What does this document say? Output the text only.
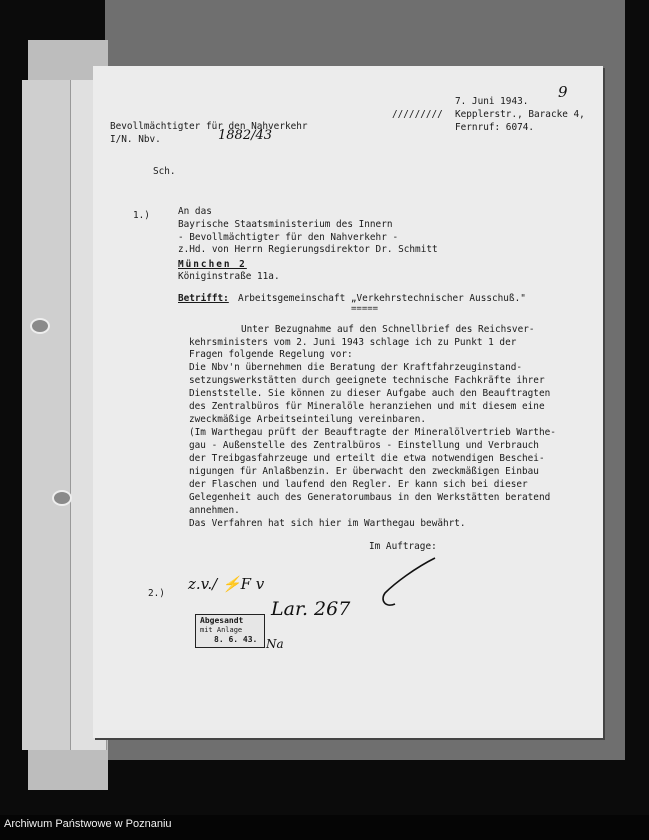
9
7. Juni 1943.
///////// Kepplerstr., Baracke 4,
Fernruf: 6074.
Bevollmächtigter für den Nahverkehr
I/N. Nbv.	1882/43
Sch.
1.)	An das
Bayrische Staatsministerium des Innern
- Bevollmächtigter für den Nahverkehr -
z.Hd. von Herrn Regierungsdirektor Dr. Schmitt
München 2
Königinstraße 11a.
Betrifft: Arbeitsgemeinschaft „Verkehrstechnischer Ausschuß."
=====
Unter Bezugnahme auf den Schnellbrief des Reichsver-
kehrsministers vom 2. Juni 1943 schlage ich zu Punkt 1 der
Fragen folgende Regelung vor:
Die Nbv'n übernehmen die Beratung der Kraftfahrzeuginstand-
setzungswerkstätten durch geeignete technische Fachkräfte ihrer
Dienststelle. Sie können zu dieser Aufgabe auch den Beauftragten
des Zentralbüros für Mineralöle heranziehen und mit diesem eine
zweckmäßige Arbeitseinteilung vereinbaren.
(Im Warthegau prüft der Beauftragte der Mineralölvertrieb Warthe-
gau - Außenstelle des Zentralbüros - Einstellung und Verbrauch
der Treibgasfahrzeuge und erteilt die etwa notwendigen Beschei-
nigungen für Anlaßbenzin. Er überwacht den zweckmäßigen Einbau
der Flaschen und laufend den Regler. Er kann sich bei dieser
Gelegenheit auch des Generatorumbaus in den Werkstätten beratend
annehmen.
Das Verfahren hat sich hier im Warthegau bewährt.
Im Auftrage:
2.)
z.v./ ⚡F v
Abgesandt
mit Anlage
8. 6. 43.
Lar. 267
Na
Archiwum Państwowe w Poznaniu
